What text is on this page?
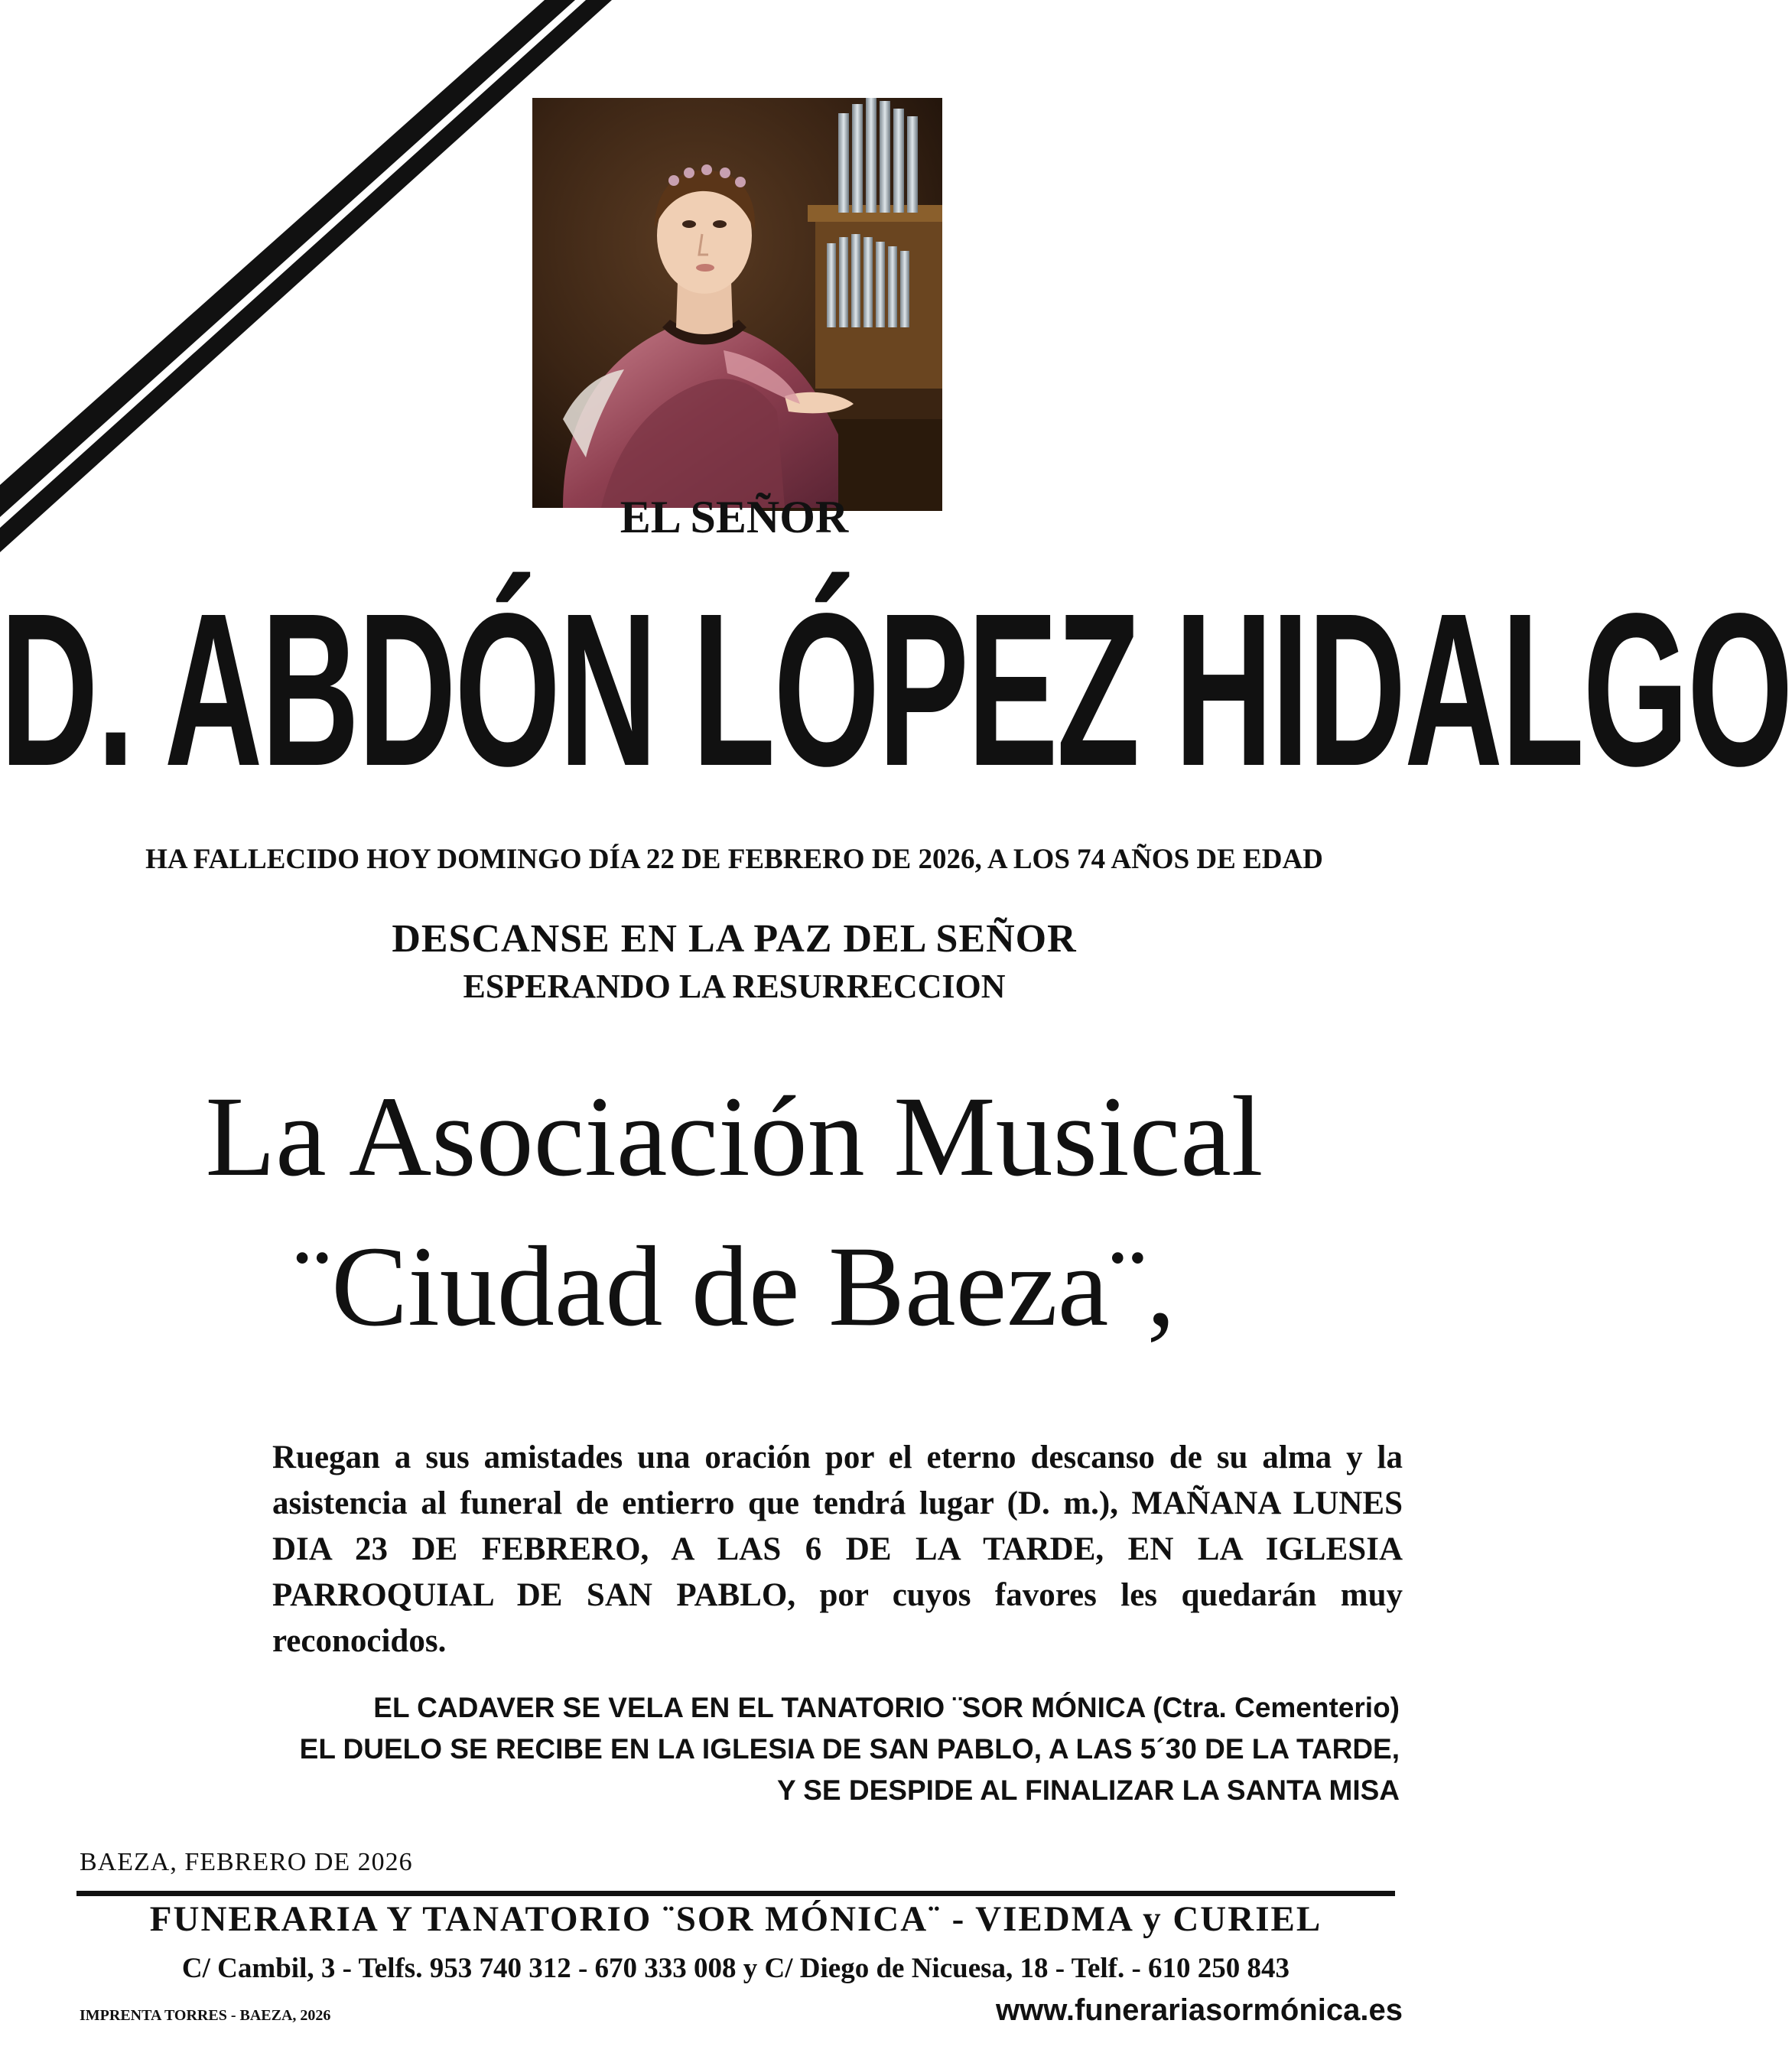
EL SEÑOR
D. ABDÓN LÓPEZ HIDALGO
HA FALLECIDO HOY DOMINGO DÍA 22 DE FEBRERO DE 2026, A LOS 74 AÑOS DE EDAD
DESCANSE EN LA PAZ DEL SEÑOR
ESPERANDO LA RESURRECCION
La Asociación Musical
¨Ciudad de Baeza¨,
Ruegan a sus amistades una oración por el eterno descanso de su alma y la asistencia al funeral de entierro que tendrá lugar (D. m.), MAÑANA LUNES DIA 23 DE FEBRERO, A LAS 6 DE LA TARDE, EN LA IGLESIA PARROQUIAL DE SAN PABLO, por cuyos favores les quedarán muy reconocidos.
EL CADAVER SE VELA EN EL TANATORIO ¨SOR MÓNICA (Ctra. Cementerio)
EL DUELO SE RECIBE EN LA IGLESIA DE SAN PABLO, A LAS 5´30 DE LA TARDE,
Y SE DESPIDE AL FINALIZAR LA SANTA MISA
BAEZA, FEBRERO DE 2026
FUNERARIA Y TANATORIO ¨SOR MÓNICA¨ - VIEDMA y CURIEL
C/ Cambil, 3 - Telfs. 953 740 312 - 670 333 008 y C/ Diego de Nicuesa, 18 - Telf. - 610 250 843
IMPRENTA TORRES - BAEZA, 2026	www.funerariasormónica.es
